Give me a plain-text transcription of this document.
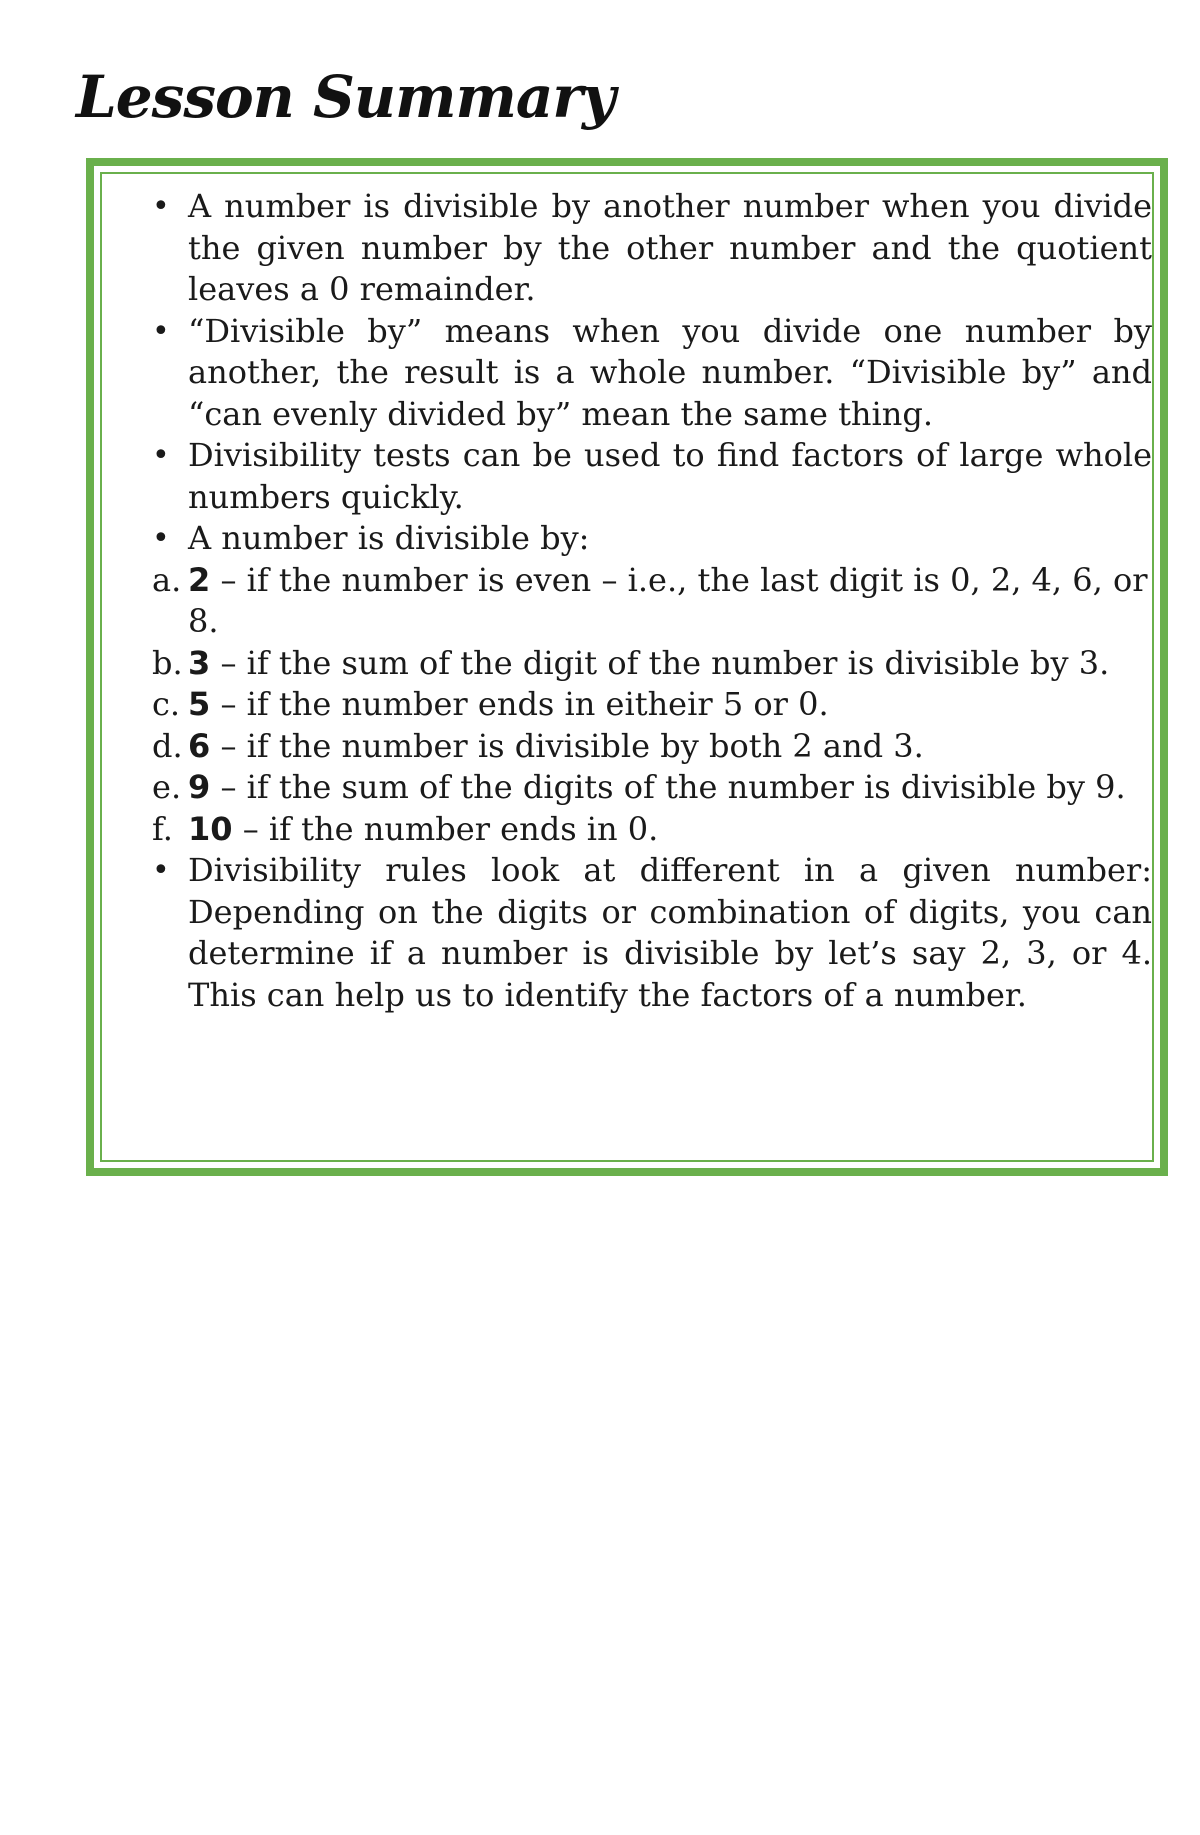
Lesson Summary
• A number is divisible by another number when you divide the given number by the other number and the quotient leaves a 0 remainder.
• “Divisible by” means when you divide one number by another, the result is a whole number. “Divisible by” and “can evenly divided by” mean the same thing.
• Divisibility tests can be used to find factors of large whole numbers quickly.
• A number is divisible by:
a. 2 – if the number is even – i.e., the last digit is 0, 2, 4, 6, or 8.
b. 3 – if the sum of the digit of the number is divisible by 3.
c. 5 – if the number ends in eitheir 5 or 0.
d. 6 – if the number is divisible by both 2 and 3.
e. 9 – if the sum of the digits of the number is divisible by 9.
f. 10 – if the number ends in 0.
• Divisibility rules look at different in a given number: Depending on the digits or combination of digits, you can determine if a number is divisible by let’s say 2, 3, or 4. This can help us to identify the factors of a number.
